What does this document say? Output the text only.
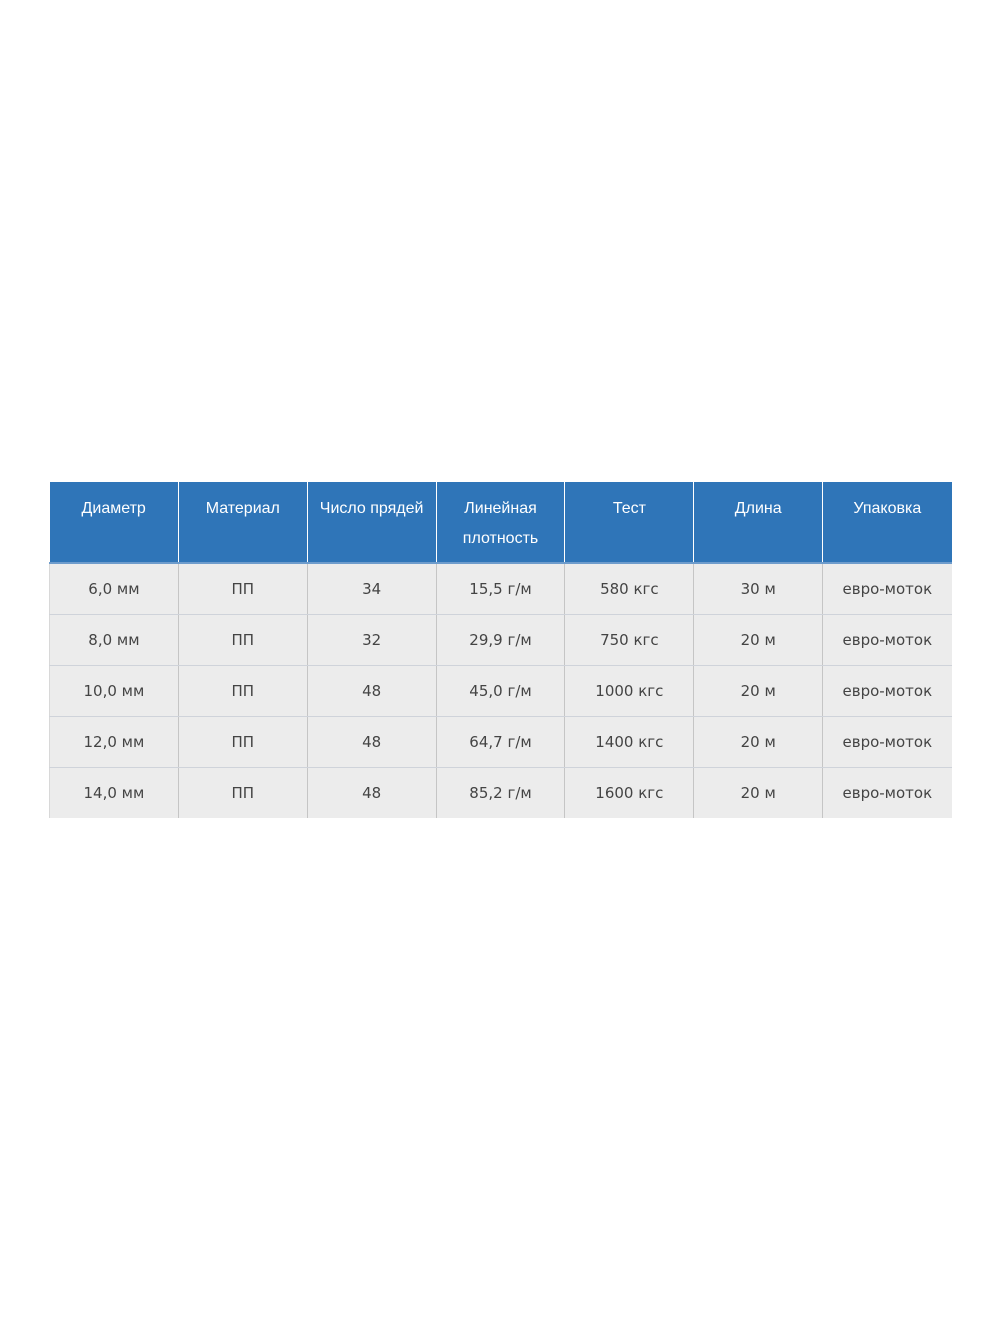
Диаметр	Материал	Число прядей	Линейная плотность	Тест	Длина	Упаковка
6,0 мм	ПП	34	15,5 г/м	580 кгс	30 м	евро-моток
8,0 мм	ПП	32	29,9 г/м	750 кгс	20 м	евро-моток
10,0 мм	ПП	48	45,0 г/м	1000 кгс	20 м	евро-моток
12,0 мм	ПП	48	64,7 г/м	1400 кгс	20 м	евро-моток
14,0 мм	ПП	48	85,2 г/м	1600 кгс	20 м	евро-моток
